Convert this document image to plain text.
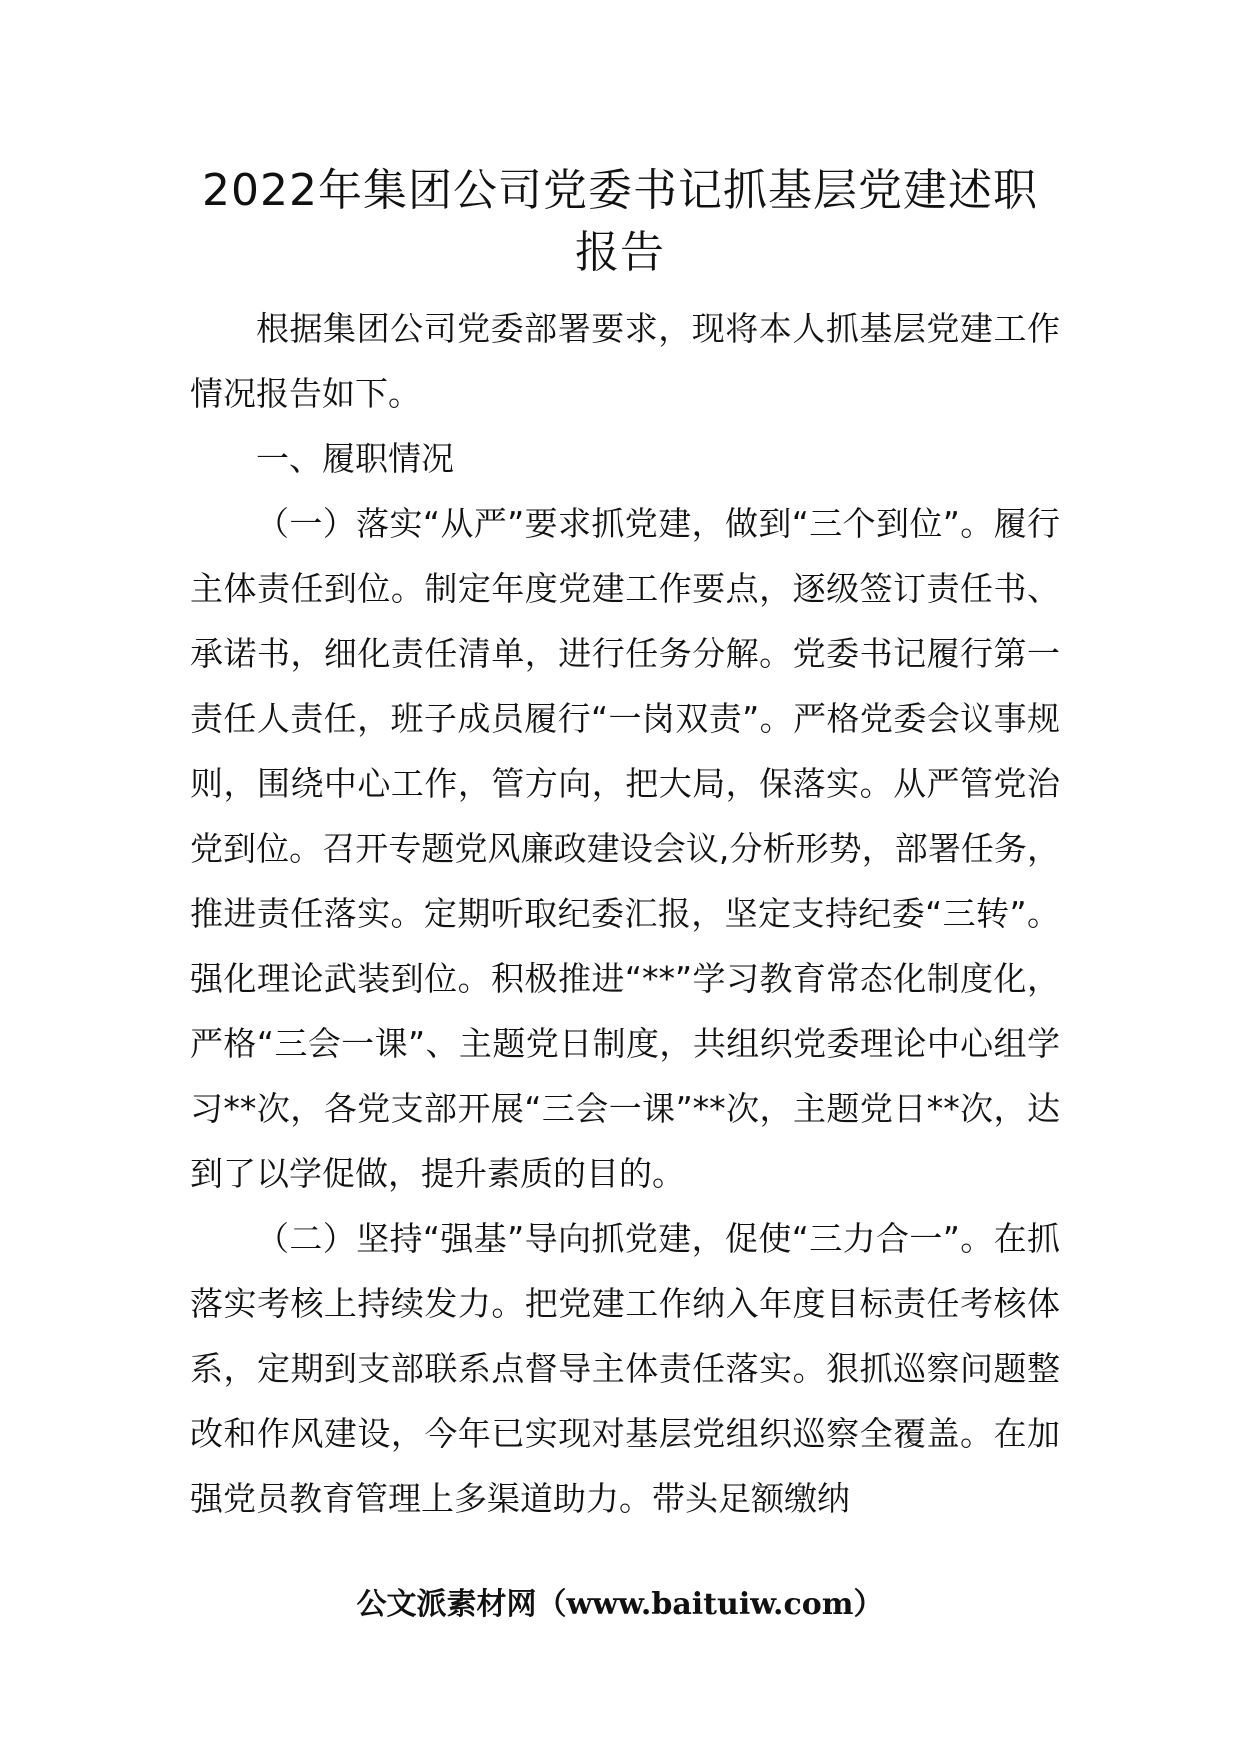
2022年集团公司党委书记抓基层党建述职
报告

根据集团公司党委部署要求，现将本人抓基层党建工作情况报告如下。

一、履职情况

（一）落实“从严”要求抓党建，做到“三个到位”。履行主体责任到位。制定年度党建工作要点，逐级签订责任书、承诺书，细化责任清单，进行任务分解。党委书记履行第一责任人责任，班子成员履行“一岗双责”。严格党委会议事规则，围绕中心工作，管方向，把大局，保落实。从严管党治党到位。召开专题党风廉政建设会议,分析形势，部署任务，推进责任落实。定期听取纪委汇报，坚定支持纪委“三转”。强化理论武装到位。积极推进“**”学习教育常态化制度化，严格“三会一课”、主题党日制度，共组织党委理论中心组学习**次，各党支部开展“三会一课”**次，主题党日**次，达到了以学促做，提升素质的目的。

（二）坚持“强基”导向抓党建，促使“三力合一”。在抓落实考核上持续发力。把党建工作纳入年度目标责任考核体系，定期到支部联系点督导主体责任落实。狠抓巡察问题整改和作风建设，今年已实现对基层党组织巡察全覆盖。在加强党员教育管理上多渠道助力。带头足额缴纳

公文派素材网（www.baituiw.com）
